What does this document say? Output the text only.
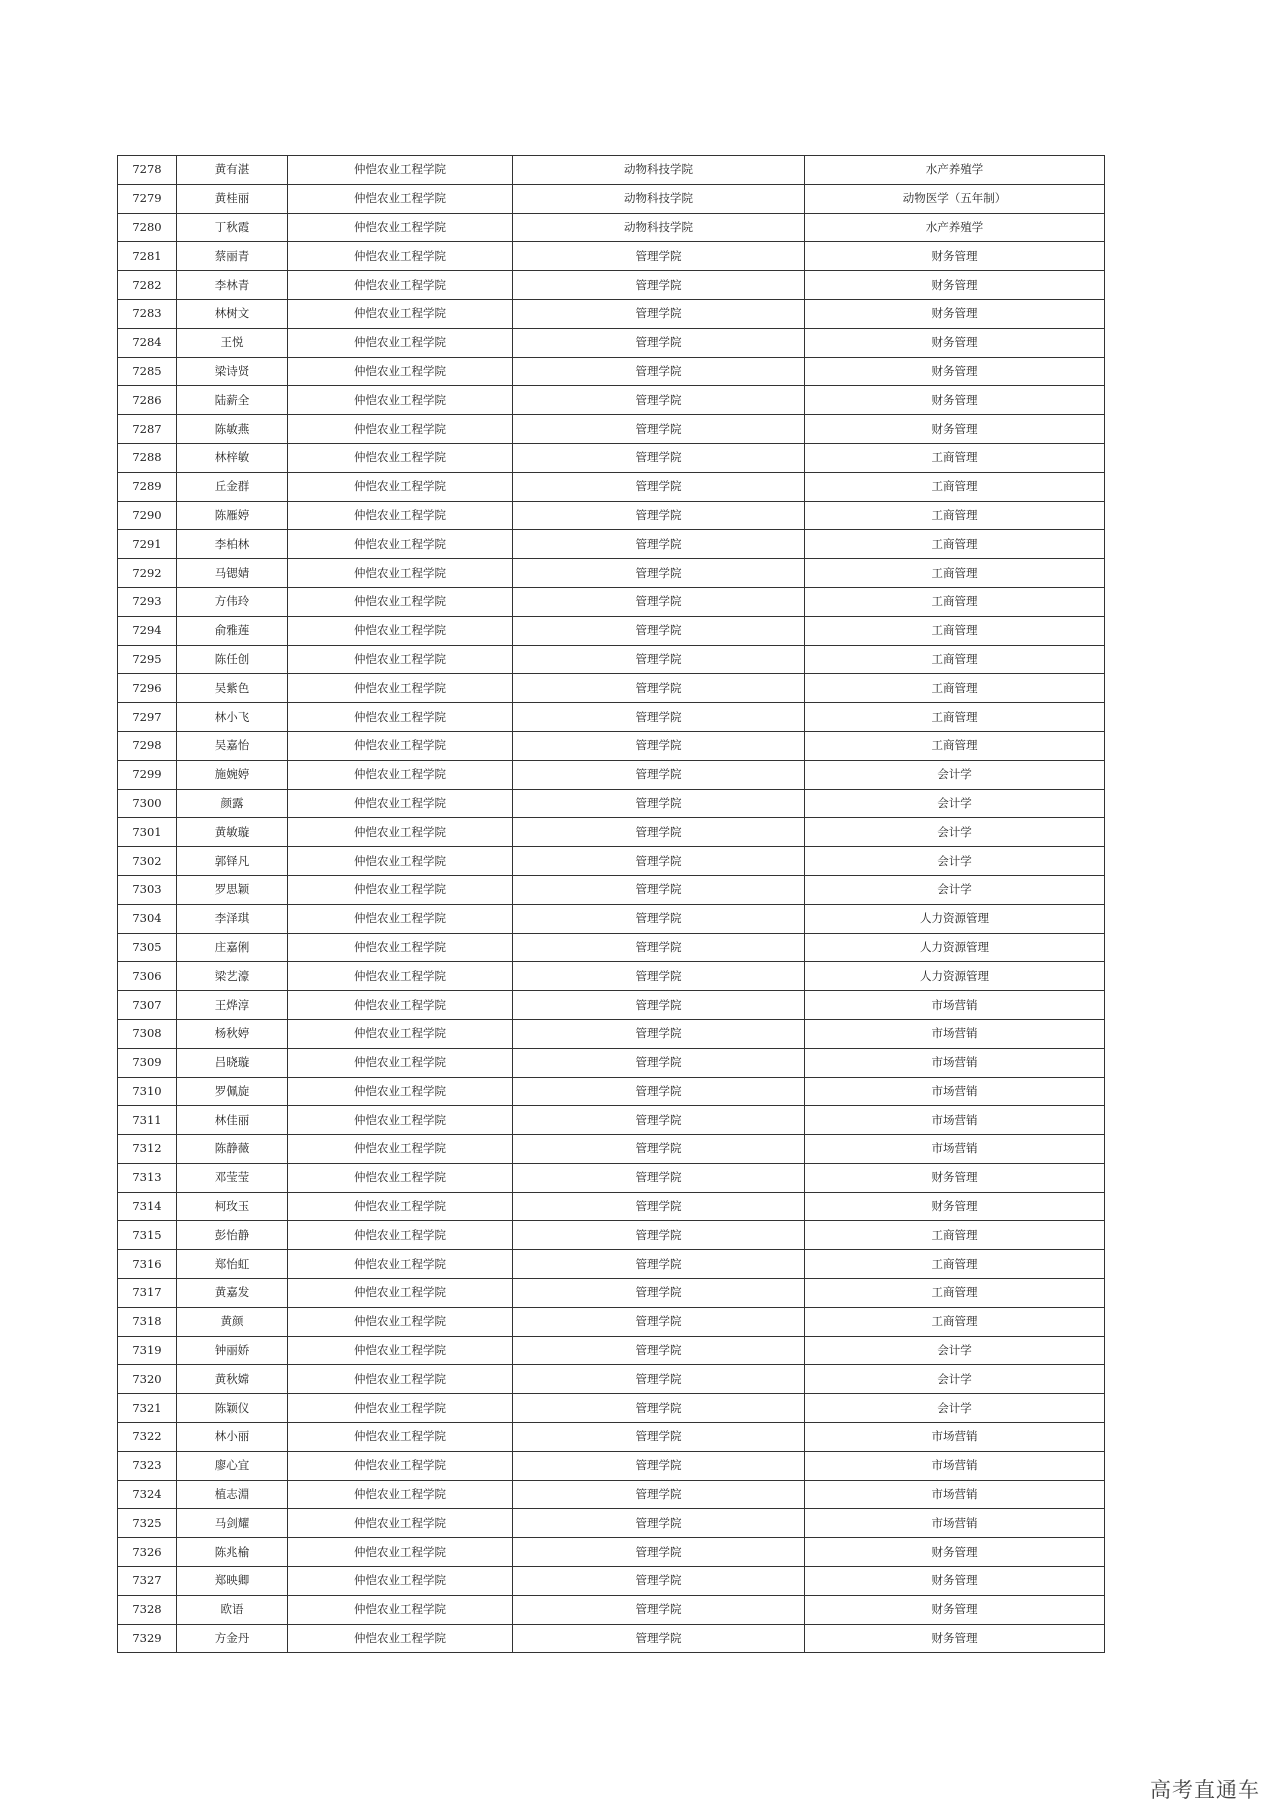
7278	黄有湛	仲恺农业工程学院	动物科技学院	水产养殖学
7279	黄桂丽	仲恺农业工程学院	动物科技学院	动物医学（五年制）
7280	丁秋霞	仲恺农业工程学院	动物科技学院	水产养殖学
7281	蔡丽青	仲恺农业工程学院	管理学院	财务管理
7282	李林青	仲恺农业工程学院	管理学院	财务管理
7283	林树文	仲恺农业工程学院	管理学院	财务管理
7284	王悦	仲恺农业工程学院	管理学院	财务管理
7285	梁诗贤	仲恺农业工程学院	管理学院	财务管理
7286	陆薪全	仲恺农业工程学院	管理学院	财务管理
7287	陈敏燕	仲恺农业工程学院	管理学院	财务管理
7288	林梓敏	仲恺农业工程学院	管理学院	工商管理
7289	丘金群	仲恺农业工程学院	管理学院	工商管理
7290	陈雁婷	仲恺农业工程学院	管理学院	工商管理
7291	李柏林	仲恺农业工程学院	管理学院	工商管理
7292	马锶婧	仲恺农业工程学院	管理学院	工商管理
7293	方伟玲	仲恺农业工程学院	管理学院	工商管理
7294	俞雅莲	仲恺农业工程学院	管理学院	工商管理
7295	陈任创	仲恺农业工程学院	管理学院	工商管理
7296	吴紫色	仲恺农业工程学院	管理学院	工商管理
7297	林小飞	仲恺农业工程学院	管理学院	工商管理
7298	吴嘉怡	仲恺农业工程学院	管理学院	工商管理
7299	施婉婷	仲恺农业工程学院	管理学院	会计学
7300	颜露	仲恺农业工程学院	管理学院	会计学
7301	黄敏璇	仲恺农业工程学院	管理学院	会计学
7302	郭铎凡	仲恺农业工程学院	管理学院	会计学
7303	罗思颖	仲恺农业工程学院	管理学院	会计学
7304	李泽琪	仲恺农业工程学院	管理学院	人力资源管理
7305	庄嘉俐	仲恺农业工程学院	管理学院	人力资源管理
7306	梁艺濠	仲恺农业工程学院	管理学院	人力资源管理
7307	王烨淳	仲恺农业工程学院	管理学院	市场营销
7308	杨秋婷	仲恺农业工程学院	管理学院	市场营销
7309	吕晓璇	仲恺农业工程学院	管理学院	市场营销
7310	罗佩旋	仲恺农业工程学院	管理学院	市场营销
7311	林佳丽	仲恺农业工程学院	管理学院	市场营销
7312	陈静薇	仲恺农业工程学院	管理学院	市场营销
7313	邓莹莹	仲恺农业工程学院	管理学院	财务管理
7314	柯玫玉	仲恺农业工程学院	管理学院	财务管理
7315	彭怡静	仲恺农业工程学院	管理学院	工商管理
7316	郑怡虹	仲恺农业工程学院	管理学院	工商管理
7317	黄嘉发	仲恺农业工程学院	管理学院	工商管理
7318	黄颜	仲恺农业工程学院	管理学院	工商管理
7319	钟丽娇	仲恺农业工程学院	管理学院	会计学
7320	黄秋嫦	仲恺农业工程学院	管理学院	会计学
7321	陈颖仪	仲恺农业工程学院	管理学院	会计学
7322	林小丽	仲恺农业工程学院	管理学院	市场营销
7323	廖心宜	仲恺农业工程学院	管理学院	市场营销
7324	植志淵	仲恺农业工程学院	管理学院	市场营销
7325	马剑耀	仲恺农业工程学院	管理学院	市场营销
7326	陈兆榆	仲恺农业工程学院	管理学院	财务管理
7327	郑映卿	仲恺农业工程学院	管理学院	财务管理
7328	欧语	仲恺农业工程学院	管理学院	财务管理
7329	方金丹	仲恺农业工程学院	管理学院	财务管理
高考直通车
